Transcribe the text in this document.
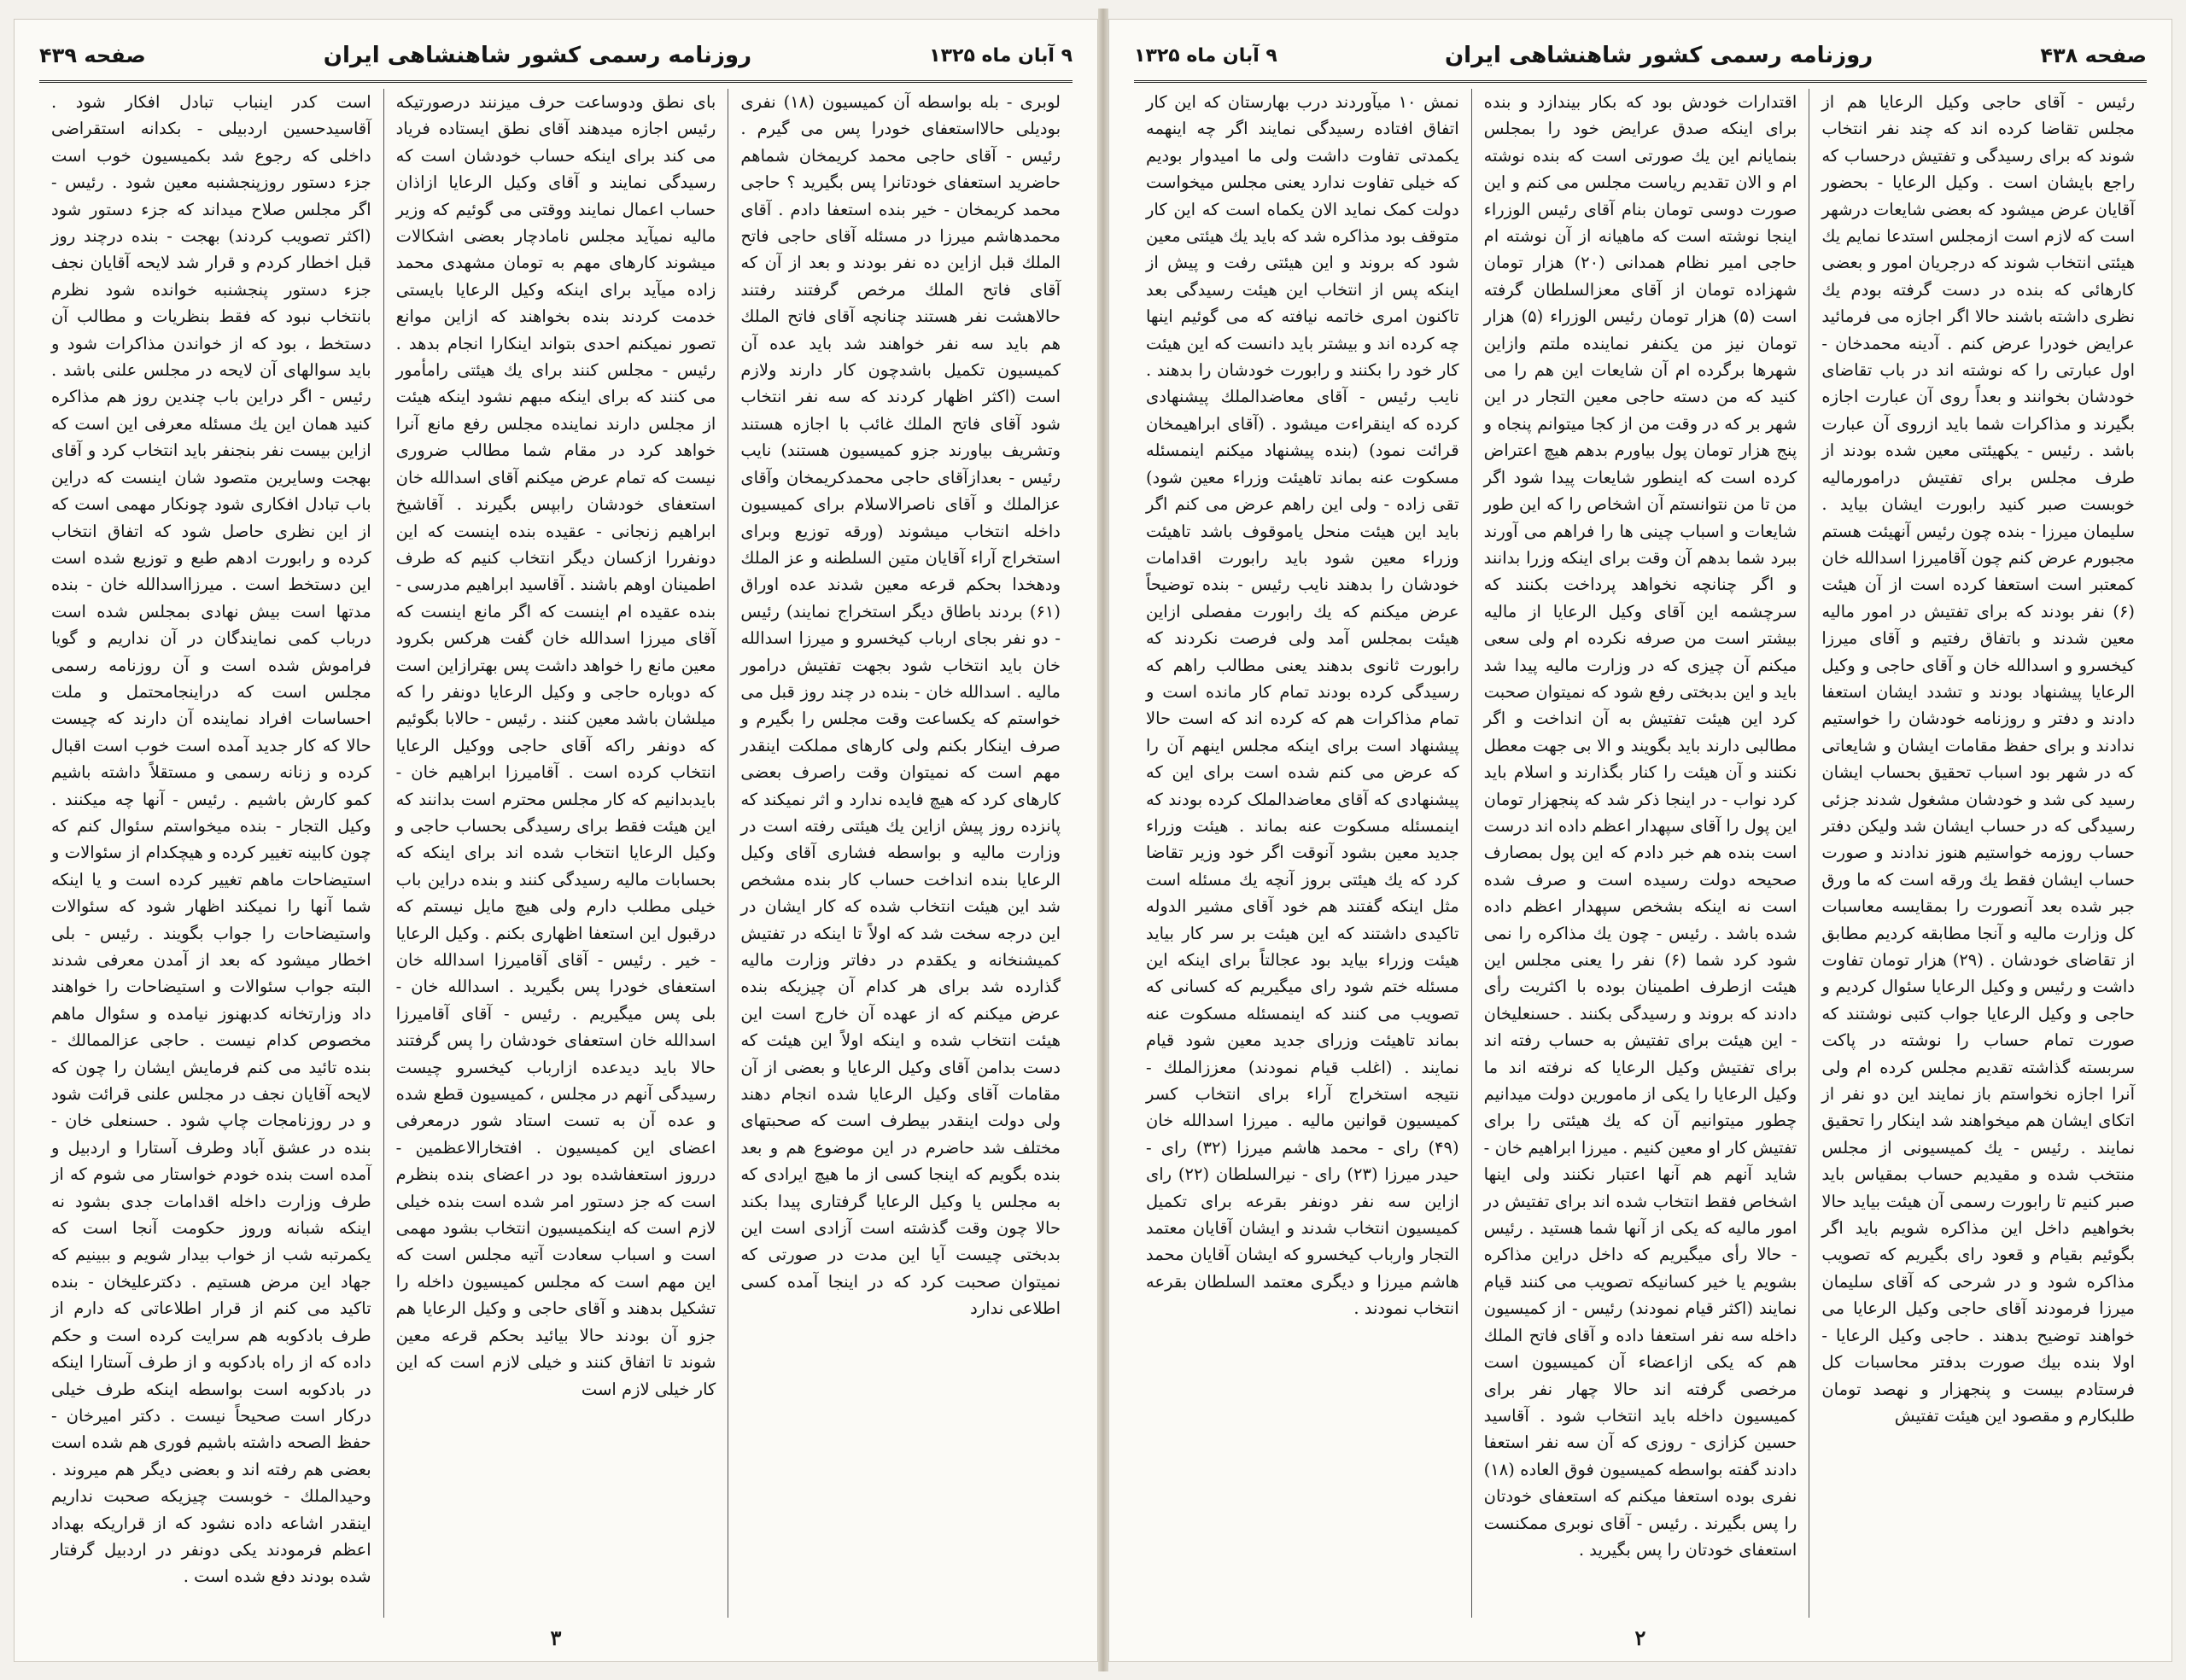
۹ آبان ماه ۱۳۲۵
روزنامه رسمی کشور شاهنشاهی ایران
صفحه ۴۳۹

لوبری - بله بواسطه آن کمیسیون (۱۸) نفری بودیلی حالااستعفای خودرا پس می گیرم . رئیس - آقای حاجی محمد کریمخان شماهم حاضرید استعفای خودتانرا پس بگیرید ؟ حاجی محمد کریمخان - خیر بنده استعفا دادم . آقای محمدهاشم میرزا در مسئله آقای حاجی فاتح الملك قبل ازاین ده نفر بودند و بعد از آن که آقای فاتح الملك مرخص گرفتند رفتند حالاهشت نفر هستند چنانچه آقای فاتح الملك هم باید سه نفر خواهند شد باید عده آن کمیسیون تکمیل باشدچون کار دارند ولازم است (اکثر اظهار کردند که سه نفر انتخاب شود آقای فاتح الملك غائب با اجازه هستند وتشریف بیاورند جزو کمیسیون هستند) نایب رئیس - بعدازآقای حاجی محمدکریمخان وآقای عزالملك و آقای ناصرالاسلام برای کمیسیون داخله انتخاب میشوند (ورقه توزیع وبرای استخراج آراء آقایان متین السلطنه و عز الملك ودهخدا بحکم قرعه معین شدند عده اوراق (۶۱) بردند باطاق دیگر استخراج نمایند) رئیس - دو نفر بجای ارباب کیخسرو و میرزا اسدالله خان باید انتخاب شود بجهت تفتیش درامور مالیه . اسدالله خان - بنده در چند روز قبل می خواستم که یکساعت وقت مجلس را بگیرم و صرف اینکار بکنم ولی کارهای مملکت اینقدر مهم است که نمیتوان وقت راصرف بعضی کارهای کرد که هیچ فایده ندارد و اثر نمیکند که پانزده روز پیش ازاین یك هیئتی رفته است در وزارت مالیه و بواسطه فشاری آقای وکیل الرعایا بنده انداخت حساب کار بنده مشخص شد این هیئت انتخاب شده که کار ایشان در این درجه سخت شد که اولاً تا اینکه در تفتیش کمیشنخانه و یکقدم در دفاتر وزارت مالیه گذارده شد برای هر کدام آن چیزیکه بنده عرض میکنم که از عهده آن خارج است این هیئت انتخاب شده و اینکه اولاً این هیئت که دست بدامن آقای وکیل الرعایا و بعضی از آن مقامات آقای وکیل الرعایا شده انجام دهند ولی دولت اینقدر بیطرف است که صحبتهای مختلف شد حاضرم در این موضوع هم و بعد بنده بگویم که اینجا کسی از ما هیچ ایرادی که به مجلس یا وکیل الرعایا گرفتاری پیدا بکند حالا چون وقت گذشته است آزادی است این بدبختی چیست آیا این مدت در صورتی که نمیتوان صحبت کرد که در اینجا آمده کسی اطلاعی ندارد

بای نطق ودوساعت حرف میزنند درصورتیکه رئیس اجازه میدهند آقای نطق ایستاده فریاد می کند برای اینکه حساب خودشان است که رسیدگی نمایند و آقای وکیل الرعایا ازاذان حساب اعمال نمایند ووقتی می گوئیم که وزیر مالیه نمیآید مجلس نامادچار بعضی اشکالات میشوند کارهای مهم به تومان مشهدی محمد زاده میآید برای اینکه وکیل الرعایا بایستی خدمت کردند بنده بخواهند که ازاین موانع تصور نمیکنم احدی بتواند اینکارا انجام بدهد . رئیس - مجلس کنند برای یك هیئتی رامأمور می کنند که برای اینکه مبهم نشود اینکه هیئت از مجلس دارند نماینده مجلس رفع مانع آنرا خواهد کرد در مقام شما مطالب ضروری نیست که تمام عرض میکنم آقای اسدالله خان استعفای خودشان رابپس بگیرند . آقاشیخ ابراهیم زنجانی - عقیده بنده اینست که این دونفررا ازکسان دیگر انتخاب کنیم که طرف اطمینان اوهم باشند . آقاسید ابراهیم مدرسی - بنده عقیده ام اینست که اگر مانع اینست که آقای میرزا اسدالله خان گفت هرکس بکرود معین مانع را خواهد داشت پس بهترازاین است که دوباره حاجی و وکیل الرعایا دونفر را که میلشان باشد معین کنند . رئیس - حالابا بگوئیم که دونفر راکه آقای حاجی ووکیل الرعایا انتخاب کرده است . آقامیرزا ابراهیم خان - بایدبدانیم که کار مجلس محترم است بدانند که این هیئت فقط برای رسیدگی بحساب حاجی و وکیل الرعایا انتخاب شده اند برای اینکه که بحسابات مالیه رسیدگی کنند و بنده دراین باب خیلی مطلب دارم ولی هیچ مایل نیستم که درقبول این استعفا اظهاری بکنم . وکیل الرعایا - خیر . رئیس - آقای آقامیرزا اسدالله خان استعفای خودرا پس بگیرید . اسدالله خان - بلی پس میگیریم . رئیس - آقای آقامیرزا اسدالله خان استعفای خودشان را پس گرفتند حالا باید دیدعده ازارباب کیخسرو چیست رسیدگی آنهم در مجلس ، کمیسیون قطع شده و عده آن به تست استاد شور درمعرفی اعضای این کمیسیون . افتخارالاعظمین - درروز استعفاشده بود در اعضای بنده بنظرم است که جز دستور امر شده است بنده خیلی لازم است که اینکمیسیون انتخاب بشود مهمی است و اسباب سعادت آتیه مجلس است که این مهم است که مجلس کمیسیون داخله را تشکیل بدهند و آقای حاجی و وکیل الرعایا هم جزو آن بودند حالا بیائید بحکم قرعه معین شوند تا اتفاق کنند و خیلی لازم است که این کار خیلی لازم است

است کدر اینباب تبادل افکار شود . آقاسیدحسین اردبیلی - بکدانه استقراضی داخلی که رجوع شد بکمیسیون خوب است جزء دستور روزپنجشنبه معین شود . رئیس - اگر مجلس صلاح میداند که جزء دستور شود (اکثر تصویب کردند) بهجت - بنده درچند روز قبل اخطار کردم و قرار شد لایحه آقایان نجف جزء دستور پنجشنبه خوانده شود نظرم بانتخاب نبود که فقط بنظریات و مطالب آن دستخط ، بود که از خواندن مذاکرات شود و باید سوالهای آن لایحه در مجلس علنی باشد . رئیس - اگر دراین باب چندین روز هم مذاکره کنید همان این یك مسئله معرفی این است که ازاین بیست نفر بنجنفر باید انتخاب کرد و آقای بهجت وسایرین متصود شان اینست که دراین باب تبادل افکاری شود چونکار مهمی است که از این نظری حاصل شود که اتفاق انتخاب کرده و رابورت ادهم طبع و توزیع شده است این دستخط است . میرزااسدالله خان - بنده مدتها است بیش نهادی بمجلس شده است درباب کمی نمایندگان در آن نداریم و گویا فراموش شده است و آن روزنامه رسمی مجلس است که دراینجامحتمل و ملت احساسات افراد نماینده آن دارند که چیست حالا که کار جدید آمده است خوب است اقبال کرده و زنانه رسمی و مستقلاً داشته باشیم کمو کارش باشیم . رئیس - آنها چه میکنند . وکیل التجار - بنده میخواستم سئوال کنم که چون کابینه تغییر کرده و هیچکدام از سئوالات و استیضاحات ماهم تغییر کرده است و یا اینکه شما آنها را نمیکند اظهار شود که سئوالات واستیضاحات را جواب بگویند . رئیس - بلی اخطار میشود که بعد از آمدن معرفی شدند البته جواب سئوالات و استیضاحات را خواهند داد وزارتخانه کدبهنوز نیامده و سئوال ماهم مخصوص کدام نیست . حاجی عزالممالك - بنده تائید می کنم فرمایش ایشان را چون که لایحه آقایان نجف در مجلس علنی قرائت شود و در روزنامجات چاپ شود . حسنعلی خان - بنده در عشق آباد وطرف آستارا و اردبیل و آمده است بنده خودم خواستار می شوم که از طرف وزارت داخله اقدامات جدی بشود نه اینکه شبانه وروز حکومت آنجا است که یکمرتبه شب از خواب بیدار شویم و ببینیم که جهاد این مرض هستیم . دکترعلیخان - بنده تاکید می کنم از قرار اطلاعاتی که دارم از طرف بادکوبه هم سرایت کرده است و حکم داده که از راه بادکوبه و از طرف آستارا اینکه در بادکوبه است بواسطه اینکه طرف خیلی درکار است صحیحاً نیست . دکتر امیرخان - حفظ الصحه داشته باشیم فوری هم شده است بعضی هم رفته اند و بعضی دیگر هم میروند . وحیدالملك - خوبست چیزیکه صحبت نداریم اینقدر اشاعه داده نشود که از قراریکه بهداد اعظم فرمودند یکی دونفر در اردبیل گرفتار شده بودند دفع شده است .

۳
صفحه ۴۳۸
روزنامه رسمی کشور شاهنشاهی ایران
۹ آبان ماه ۱۳۲۵

رئیس - آقای حاجی وکیل الرعایا هم از مجلس تقاضا کرده اند که چند نفر انتخاب شوند که برای رسیدگی و تفتیش درحساب که راجع بایشان است . وکیل الرعایا - بحضور آقایان عرض میشود که بعضی شایعات درشهر است که لازم است ازمجلس استدعا نمایم یك هیئتی انتخاب شوند که درجریان امور و بعضی کارهائی که بنده در دست گرفته بودم یك نظری داشته باشند حالا اگر اجازه می فرمائید عرایض خودرا عرض کنم . آدینه محمدخان - اول عبارتی را که نوشته اند در باب تقاضای خودشان بخوانند و بعداً روی آن عبارت اجازه بگیرند و مذاکرات شما باید ازروی آن عبارت باشد . رئیس - یکهیئتی معین شده بودند از طرف مجلس برای تفتیش درامورمالیه خوبست صبر کنید رابورت ایشان بیاید . سلیمان میرزا - بنده چون رئیس آنهیئت هستم مجبورم عرض کنم چون آقامیرزا اسدالله خان کمعتبر است استعفا کرده است از آن هیئت (۶) نفر بودند که برای تفتیش در امور مالیه معین شدند و باتفاق رفتیم و آقای میرزا کیخسرو و اسدالله خان و آقای حاجی و وکیل الرعایا پیشنهاد بودند و تشدد ایشان استعفا دادند و دفتر و روزنامه خودشان را خواستیم ندادند و برای حفظ مقامات ایشان و شایعاتی که در شهر بود اسباب تحقیق بحساب ایشان رسید کی شد و خودشان مشغول شدند جزئی رسیدگی که در حساب ایشان شد ولیکن دفتر حساب روزمه خواستیم هنوز ندادند و صورت حساب ایشان فقط یك ورقه است که ما ورق جبر شده بعد آنصورت را بمقایسه معاسبات کل وزارت مالیه و آنجا مطابقه کردیم مطابق از تقاضای خودشان . (۲۹) هزار تومان تفاوت داشت و رئیس و وکیل الرعایا سئوال کردیم و حاجی و وکیل الرعایا جواب کتبی نوشتند که صورت تمام حساب را نوشته در پاکت سربسته گذاشته تقدیم مجلس کرده ام ولی آنرا اجازه نخواستم باز نمایند این دو نفر از اتکای ایشان هم میخواهند شد اینکار را تحقیق نمایند . رئیس - یك کمیسیونی از مجلس منتخب شده و مقیدیم حساب بمقیاس باید صبر کنیم تا رابورت رسمی آن هیئت بیاید حالا بخواهیم داخل این مذاکره شویم باید اگر بگوئیم بقیام و قعود رای بگیریم که تصویب مذاکره شود و در شرحی که آقای سلیمان میرزا فرمودند آقای حاجی وکیل الرعایا می خواهند توضیح بدهند . حاجی وکیل الرعایا - اولا بنده بیك صورت بدفتر محاسبات کل فرستادم بیست و پنجهزار و نهصد تومان طلبکارم و مقصود این هیئت تفتیش

اقتدارات خودش بود که بکار بیندازد و بنده برای اینکه صدق عرایض خود را بمجلس بنمایانم این یك صورتی است که بنده نوشته ام و الان تقدیم ریاست مجلس می کنم و این صورت دوسی تومان بنام آقای رئیس الوزراء اینجا نوشته است که ماهیانه از آن نوشته ام حاجی امیر نظام همدانی (۲۰) هزار تومان شهزاده تومان از آقای معزالسلطان گرفته است (۵) هزار تومان رئیس الوزراء (۵) هزار تومان نیز من یکنفر نماینده ملتم وازاین شهرها برگرده ام آن شایعات این هم را می کنید که من دسته حاجی معین التجار در این شهر بر که در وقت من از کجا میتوانم پنجاه و پنج هزار تومان پول بیاورم بدهم هیچ اعتراض کرده است که اینطور شایعات پیدا شود اگر من تا من نتوانستم آن اشخاص را که این طور شایعات و اسباب چینی ها را فراهم می آورند ببرد شما بدهم آن وقت برای اینکه وزرا بدانند و اگر چنانچه نخواهد پرداخت بکنند که سرچشمه این آقای وکیل الرعایا از مالیه بیشتر است من صرفه نکرده ام ولی سعی میکنم آن چیزی که در وزارت مالیه پیدا شد باید و این بدبختی رفع شود که نمیتوان صحبت کرد این هیئت تفتیش به آن انداخت و اگر مطالبی دارند باید بگویند و الا بی جهت معطل نکنند و آن هیئت را کنار بگذارند و اسلام باید کرد نواب - در اینجا ذکر شد که پنجهزار تومان این پول را آقای سپهدار اعظم داده اند درست است بنده هم خبر دادم که این پول بمصارف صحیحه دولت رسیده است و صرف شده است نه اینکه بشخص سپهدار اعظم داده شده باشد . رئیس - چون یك مذاکره را نمی شود کرد شما (۶) نفر را یعنی مجلس این هیئت ازطرف اطمینان بوده با اکثریت رأی دادند که بروند و رسیدگی بکنند . حسنعلیخان - این هیئت برای تفتیش به حساب رفته اند برای تفتیش وکیل الرعایا که نرفته اند ما وکیل الرعایا را یکی از مامورین دولت میدانیم چطور میتوانیم آن که یك هیئتی را برای تفتیش کار او معین کنیم . میرزا ابراهیم خان - شاید آنهم هم آنها اعتبار نکنند ولی اینها اشخاص فقط انتخاب شده اند برای تفتیش در امور مالیه که یکی از آنها شما هستید . رئیس - حالا رأی میگیریم که داخل دراین مذاکره بشویم یا خیر کسانیکه تصویب می کنند قیام نمایند (اکثر قیام نمودند) رئیس - از کمیسیون داخله سه نفر استعفا داده و آقای فاتح الملك هم که یکی ازاعضاء آن کمیسیون است مرخصی گرفته اند حالا چهار نفر برای کمیسیون داخله باید انتخاب شود . آقاسید حسین کزازی - روزی که آن سه نفر استعفا دادند گفته بواسطه کمیسیون فوق العاده (۱۸) نفری بوده استعفا میکنم که استعفای خودتان را پس بگیرند . رئیس - آقای نوبری ممکنست استعفای خودتان را پس بگیرید .

نمش ۱۰ میآوردند درب بهارستان که این کار اتفاق افتاده رسیدگی نمایند اگر چه اینهمه یکمدتی تفاوت داشت ولی ما امیدوار بودیم که خیلی تفاوت ندارد یعنی مجلس میخواست دولت کمک نماید الان یکماه است که این کار متوقف بود مذاکره شد که باید یك هیئتی معین شود که بروند و این هیئتی رفت و پیش از اینکه پس از انتخاب این هیئت رسیدگی بعد تاکنون امری خاتمه نیافته که می گوئیم اینها چه کرده اند و بیشتر باید دانست که این هیئت کار خود را بکنند و رابورت خودشان را بدهند . نایب رئیس - آقای معاضدالملك پیشنهادی کرده که اینقراءت میشود . (آقای ابراهیمخان قرائت نمود) (بنده پیشنهاد میکنم اینمسئله مسکوت عنه بماند تاهیئت وزراء معین شود) تقی زاده - ولی این راهم عرض می کنم اگر باید این هیئت منحل یاموقوف باشد تاهیئت وزراء معین شود باید رابورت اقدامات خودشان را بدهند نایب رئیس - بنده توضیحاً عرض میکنم که یك رابورت مفصلی ازاین هیئت بمجلس آمد ولی فرصت نکردند که رابورت ثانوی بدهند یعنی مطالب راهم که رسیدگی کرده بودند تمام کار مانده است و تمام مذاکرات هم که کرده اند که است حالا پیشنهاد است برای اینکه مجلس اینهم آن را که عرض می کنم شده است برای این که پیشنهادی که آقای معاضدالملک کرده بودند که اینمسئله مسکوت عنه بماند . هیئت وزراء جدید معین بشود آنوقت اگر خود وزیر تقاضا کرد که یك هیئتی بروز آنچه یك مسئله است مثل اینکه گفتند هم خود آقای مشیر الدوله تاکیدی داشتند که این هیئت بر سر کار بیاید هیئت وزراء بیاید بود عجالتاً برای اینکه این مسئله ختم شود رای میگیریم که کسانی که تصویب می کنند که اینمسئله مسکوت عنه بماند تاهیئت وزرای جدید معین شود قیام نمایند . (اغلب قیام نمودند) معززالملك - نتیجه استخراج آراء برای انتخاب کسر کمیسیون قوانین مالیه . میرزا اسدالله خان (۴۹) رای - محمد هاشم میرزا (۳۲) رای - حیدر میرزا (۲۳) رای - نیرالسلطان (۲۲) رای ازاین سه نفر دونفر بقرعه برای تکمیل کمیسیون انتخاب شدند و ایشان آقایان معتمد التجار وارباب کیخسرو که ایشان آقایان محمد هاشم میرزا و دیگری معتمد السلطان بقرعه انتخاب نمودند .

۲
